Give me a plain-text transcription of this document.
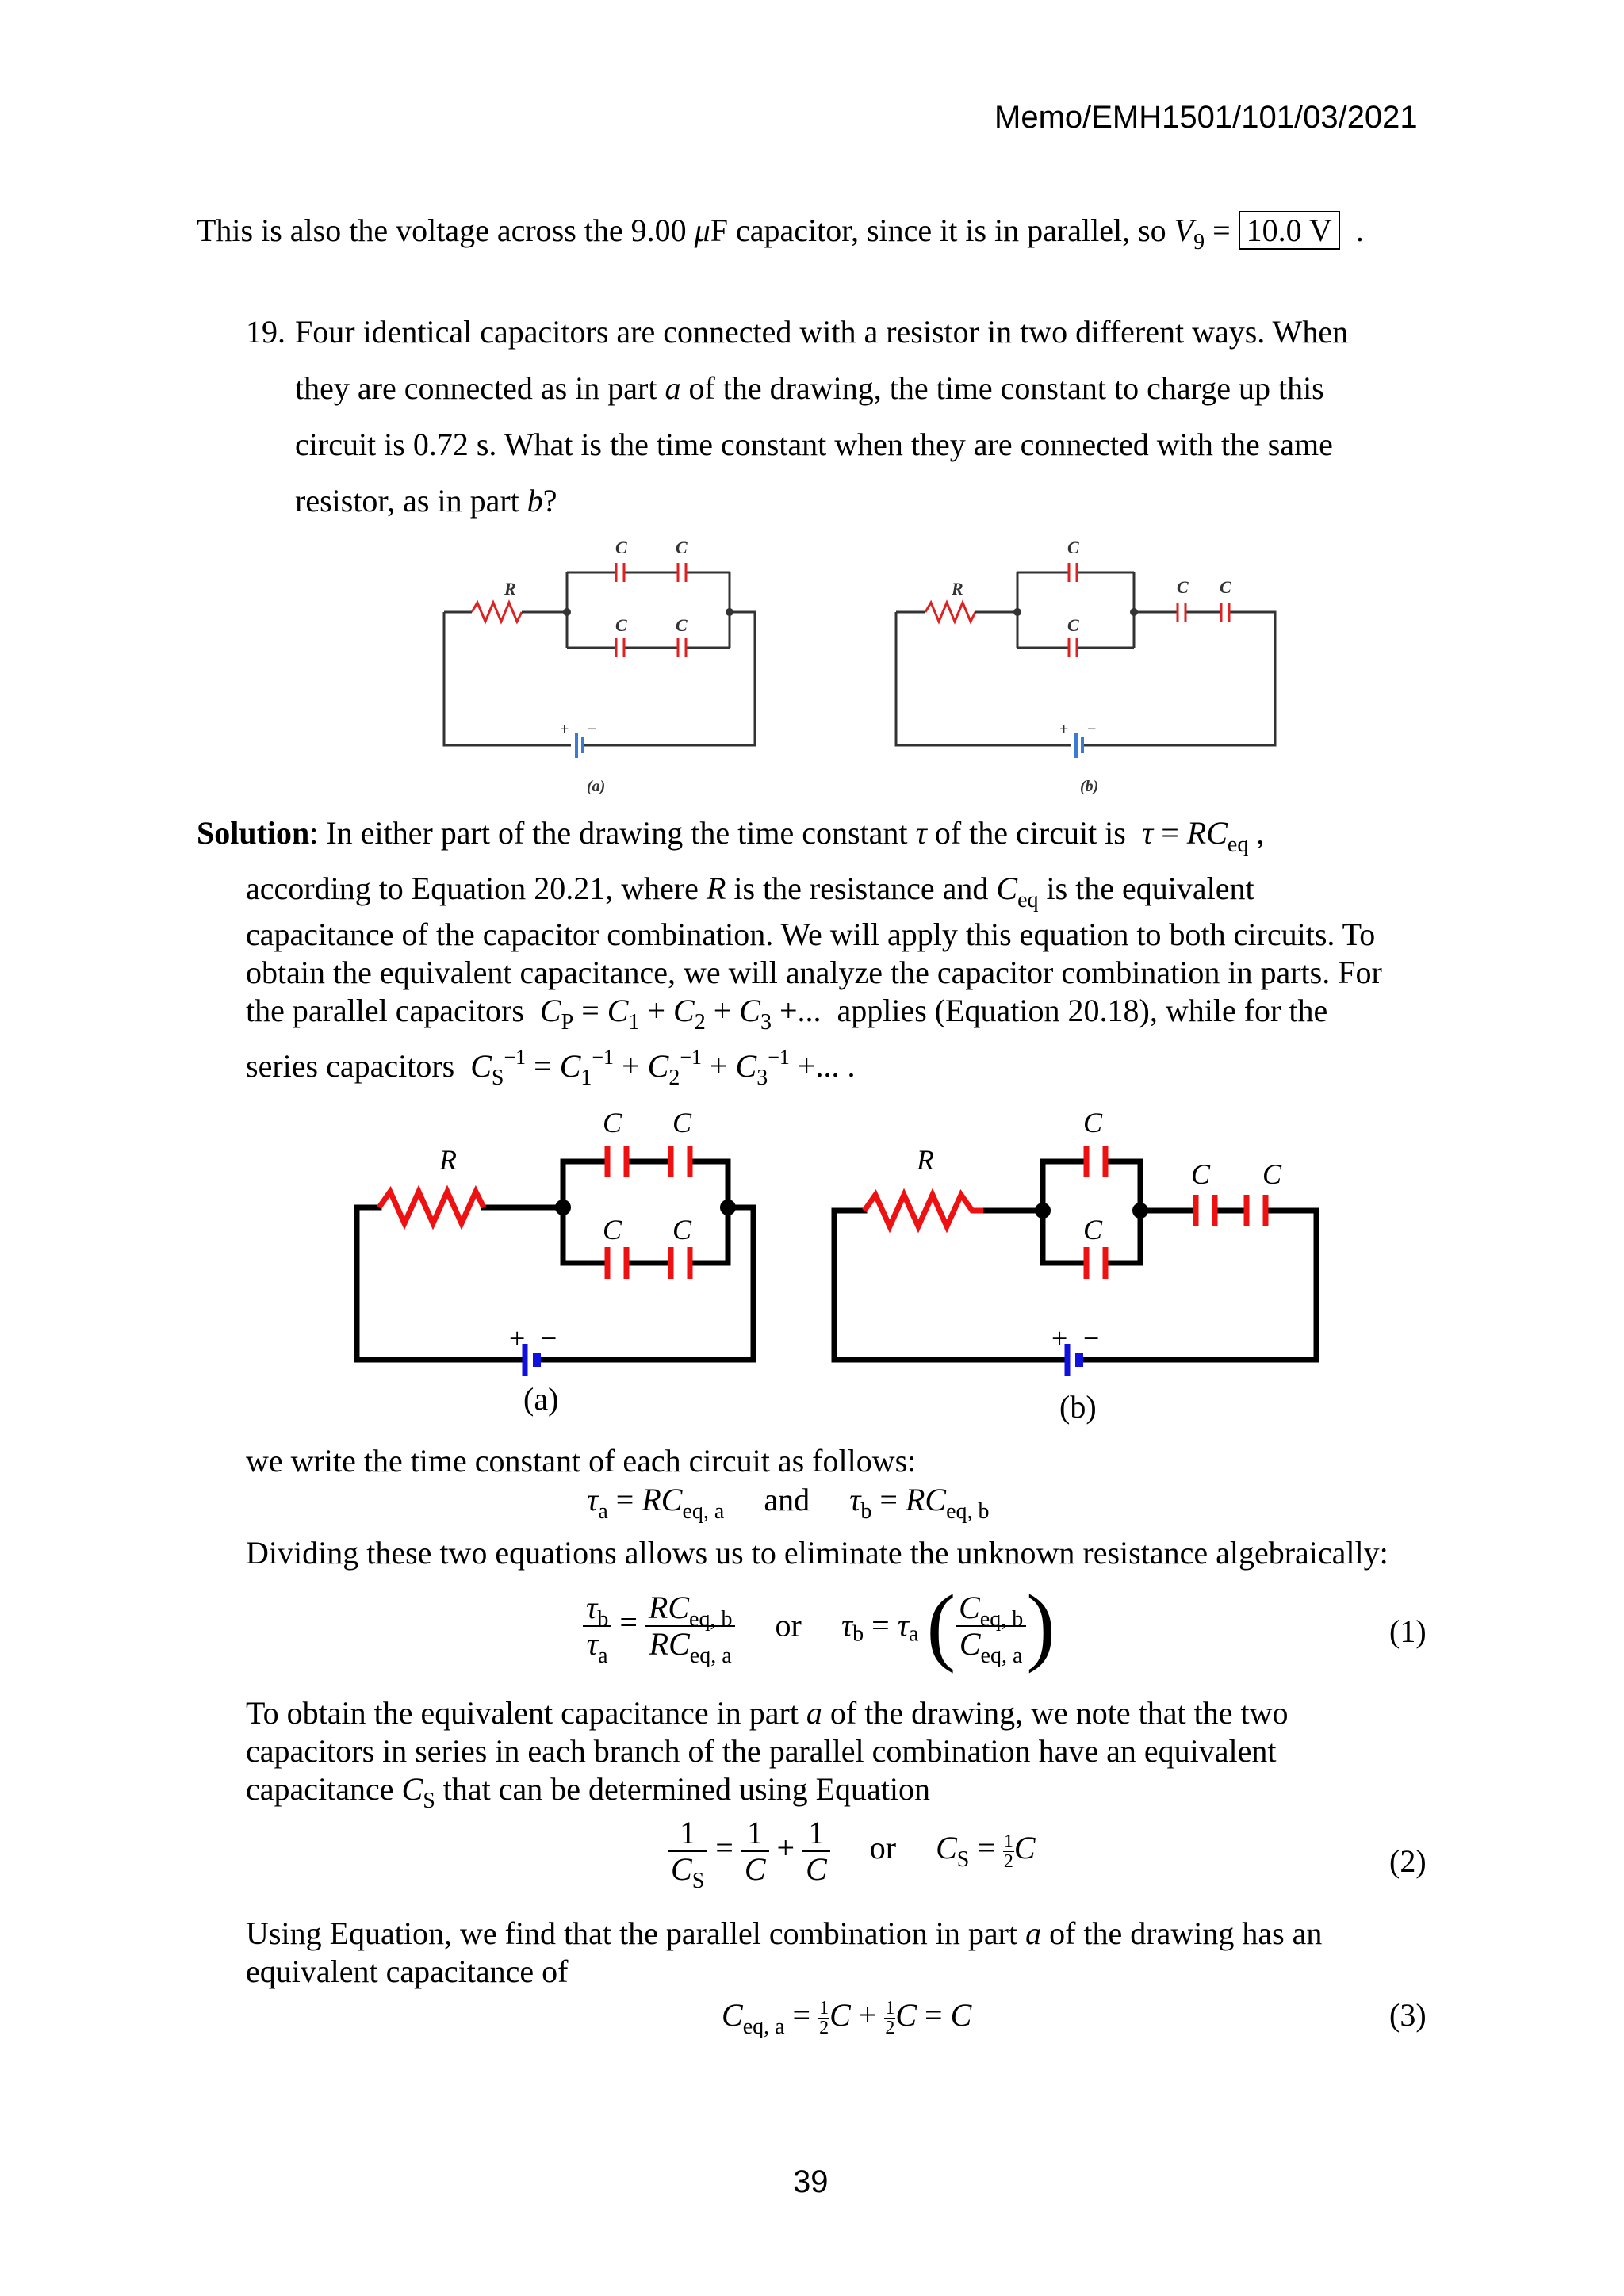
Memo/EMH1501/101/03/2021
This is also the voltage across the 9.00 μF capacitor, since it is in parallel, so $V_9 = 10.0$ V .
19. Four identical capacitors are connected with a resistor in two different ways. When
they are connected as in part a of the drawing, the time constant to charge up this
circuit is 0.72 s. What is the time constant when they are connected with the same
resistor, as in part b?
R
C	C
C	C
R
C
C
C C
+ −	+ −
(a)	(b)
Solution: In either part of the drawing the time constant τ of the circuit is $\tau = RC_{eq}$ ,
according to Equation 20.21, where R is the resistance and $C_{eq}$ is the equivalent
capacitance of the capacitor combination. We will apply this equation to both circuits. To
obtain the equivalent capacitance, we will analyze the capacitor combination in parts. For
the parallel capacitors $C_P = C_1 + C_2 + C_3$ +...  applies (Equation 20.18), while for the
series capacitors $C_S^{-1} = C_1^{-1} + C_2^{-1} + C_3^{-1}$ +... .
R
C C
C C
R
C
C
C C
+ −	+ −
(a)	(b)
we write the time constant of each circuit as follows:
$\tau_a = RC_{eq, a}$ and $\tau_b = RC_{eq, b}$
Dividing these two equations allows us to eliminate the unknown resistance algebraically:
$\frac{\tau_b}{\tau_a} = \frac{RC_{eq, b}}{RC_{eq, a}}$ or $\tau_b = \tau_a$ ( $\frac{C_{eq, b}}{C_{eq, a}}$ )	(1)
To obtain the equivalent capacitance in part a of the drawing, we note that the two
capacitors in series in each branch of the parallel combination have an equivalent
capacitance $C_S$ that can be determined using Equation
$\frac{1}{C_S} = \frac{1}{C} + \frac{1}{C}$ or $C_S = \frac{1}{2}$ C	(2)
Using Equation, we find that the parallel combination in part a of the drawing has an
equivalent capacitance of
$C_{eq, a} = \frac{1}{2}$ $C + \frac{1}{2}$ C = C	(3)
39
